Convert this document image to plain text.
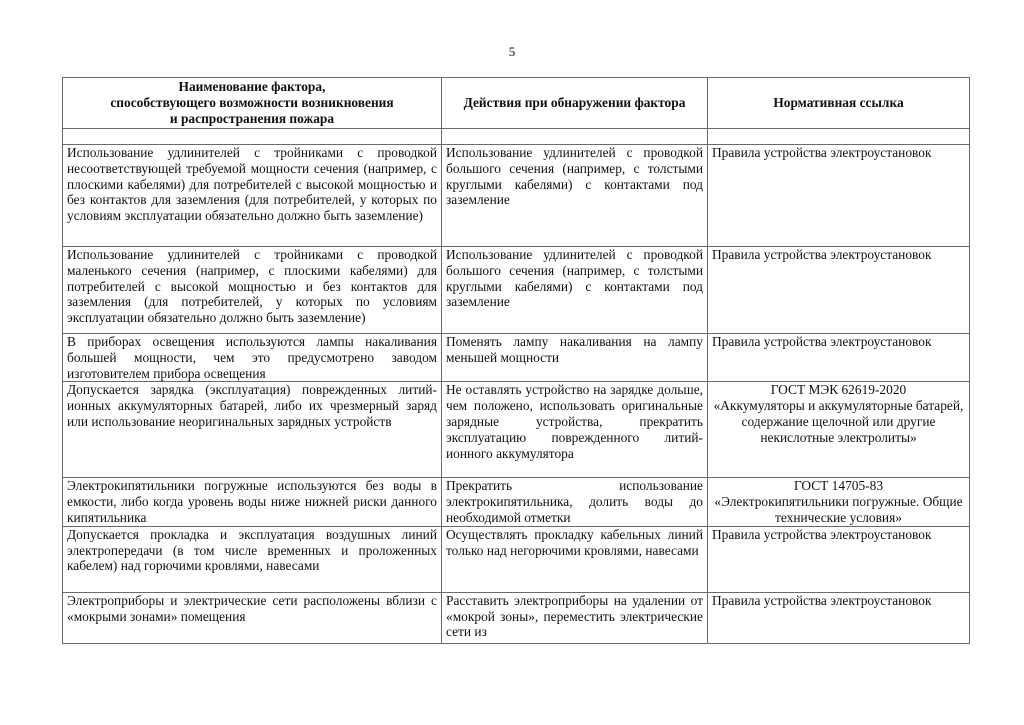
5
Наименование фактора,
способствующего возможности возникновения
и распространения пожара	Действия при обнаружении фактора	Нормативная ссылка

Использование удлинителей с тройниками с проводкой несоответствующей требуемой мощности сечения (например, с плоскими кабелями) для потребителей с высокой мощностью и без контактов для заземления (для потребителей, у которых по условиям эксплуатации обязательно должно быть заземление)	Использование удлинителей с проводкой большого сечения (например, с толстыми круглыми кабелями) с контактами под заземление	Правила устройства электроустановок
Использование удлинителей с тройниками с проводкой маленького сечения (например, с плоскими кабелями) для потребителей с высокой мощностью и без контактов для заземления (для потребителей, у которых по условиям эксплуатации обязательно должно быть заземление)	Использование удлинителей с проводкой большого сечения (например, с толстыми круглыми кабелями) с контактами под заземление	Правила устройства электроустановок
В приборах освещения используются лампы накаливания большей мощности, чем это предусмотрено заводом изготовителем прибора освещения	Поменять лампу накаливания на лампу меньшей мощности	Правила устройства электроустановок
Допускается зарядка (эксплуатация) поврежденных литий-ионных аккумуляторных батарей, либо их чрезмерный заряд или использование неоригинальных зарядных устройств	Не оставлять устройство на зарядке дольше, чем положено, использовать оригинальные зарядные устройства, прекратить эксплуатацию поврежденного литий-ионного аккумулятора	ГОСТ МЭК 62619-2020
«Аккумуляторы и аккумуляторные батарей, содержание щелочной или другие некислотные электролиты»
Электрокипятильники погружные используются без воды в емкости, либо когда уровень воды ниже нижней риски данного кипятильника	Прекратить использование электрокипятильника, долить воды до необходимой отметки	ГОСТ 14705-83
«Электрокипятильники погружные. Общие технические условия»
Допускается прокладка и эксплуатация воздушных линий электропередачи (в том числе временных и проложенных кабелем) над горючими кровлями, навесами	Осуществлять прокладку кабельных линий только над негорючими кровлями, навесами	Правила устройства электроустановок
Электроприборы и электрические сети расположены вблизи с «мокрыми зонами» помещения	Расставить электроприборы на удалении от «мокрой зоны», переместить электрические сети из	Правила устройства электроустановок
